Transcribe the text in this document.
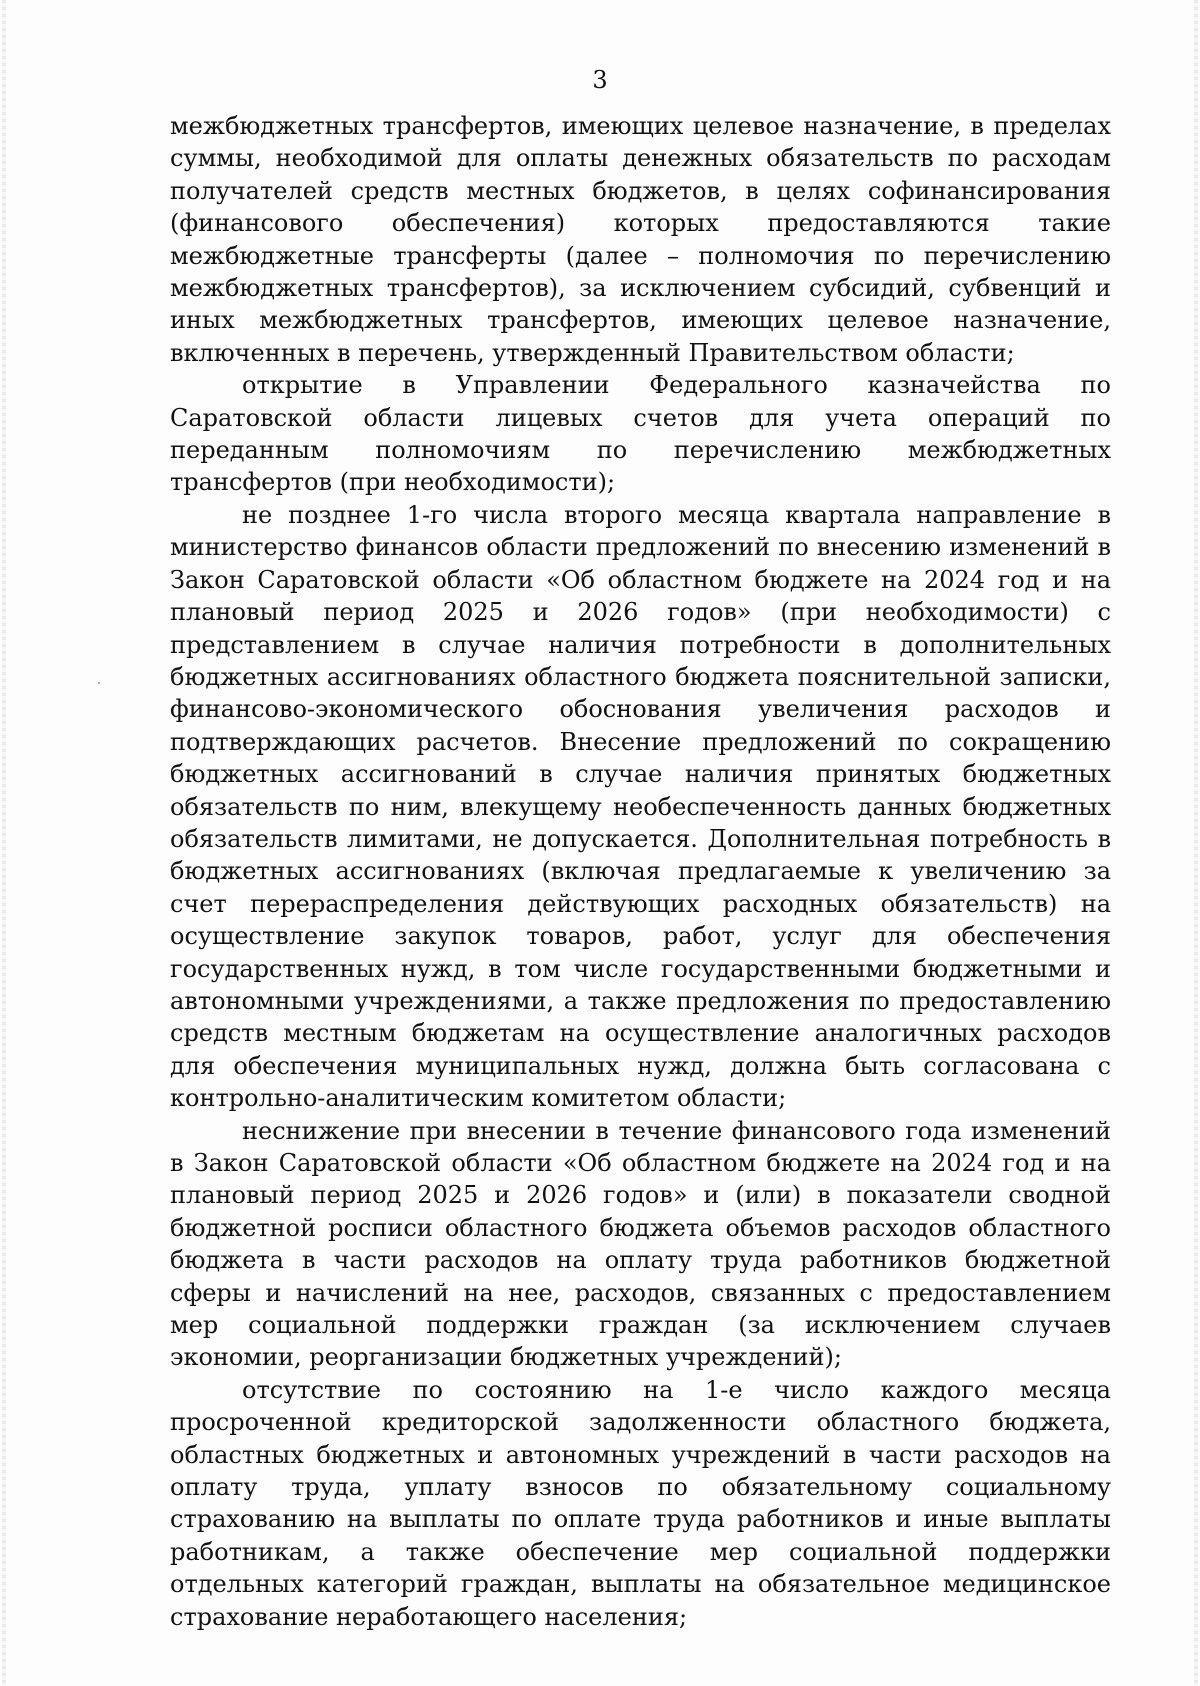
3

межбюджетных трансфертов, имеющих целевое назначение, в пределах суммы, необходимой для оплаты денежных обязательств по расходам получателей средств местных бюджетов, в целях софинансирования (финансового обеспечения) которых предоставляются такие межбюджетные трансферты (далее – полномочия по перечислению межбюджетных трансфертов), за исключением субсидий, субвенций и иных межбюджетных трансфертов, имеющих целевое назначение, включенных в перечень, утвержденный Правительством области;

открытие в Управлении Федерального казначейства по Саратовской области лицевых счетов для учета операций по переданным полномочиям по перечислению межбюджетных трансфертов (при необходимости);

не позднее 1-го числа второго месяца квартала направление в министерство финансов области предложений по внесению изменений в Закон Саратовской области «Об областном бюджете на 2024 год и на плановый период 2025 и 2026 годов» (при необходимости) с представлением в случае наличия потребности в дополнительных бюджетных ассигнованиях областного бюджета пояснительной записки, финансово-экономического обоснования увеличения расходов и подтверждающих расчетов. Внесение предложений по сокращению бюджетных ассигнований в случае наличия принятых бюджетных обязательств по ним, влекущему необеспеченность данных бюджетных обязательств лимитами, не допускается. Дополнительная потребность в бюджетных ассигнованиях (включая предлагаемые к увеличению за счет перераспределения действующих расходных обязательств) на осуществление закупок товаров, работ, услуг для обеспечения государственных нужд, в том числе государственными бюджетными и автономными учреждениями, а также предложения по предоставлению средств местным бюджетам на осуществление аналогичных расходов для обеспечения муниципальных нужд, должна быть согласована с контрольно-аналитическим комитетом области;

неснижение при внесении в течение финансового года изменений в Закон Саратовской области «Об областном бюджете на 2024 год и на плановый период 2025 и 2026 годов» и (или) в показатели сводной бюджетной росписи областного бюджета объемов расходов областного бюджета в части расходов на оплату труда работников бюджетной сферы и начислений на нее, расходов, связанных с предоставлением мер социальной поддержки граждан (за исключением случаев экономии, реорганизации бюджетных учреждений);

отсутствие по состоянию на 1-е число каждого месяца просроченной кредиторской задолженности областного бюджета, областных бюджетных и автономных учреждений в части расходов на оплату труда, уплату взносов по обязательному социальному страхованию на выплаты по оплате труда работников и иные выплаты работникам, а также обеспечение мер социальной поддержки отдельных категорий граждан, выплаты на обязательное медицинское страхование неработающего населения;
